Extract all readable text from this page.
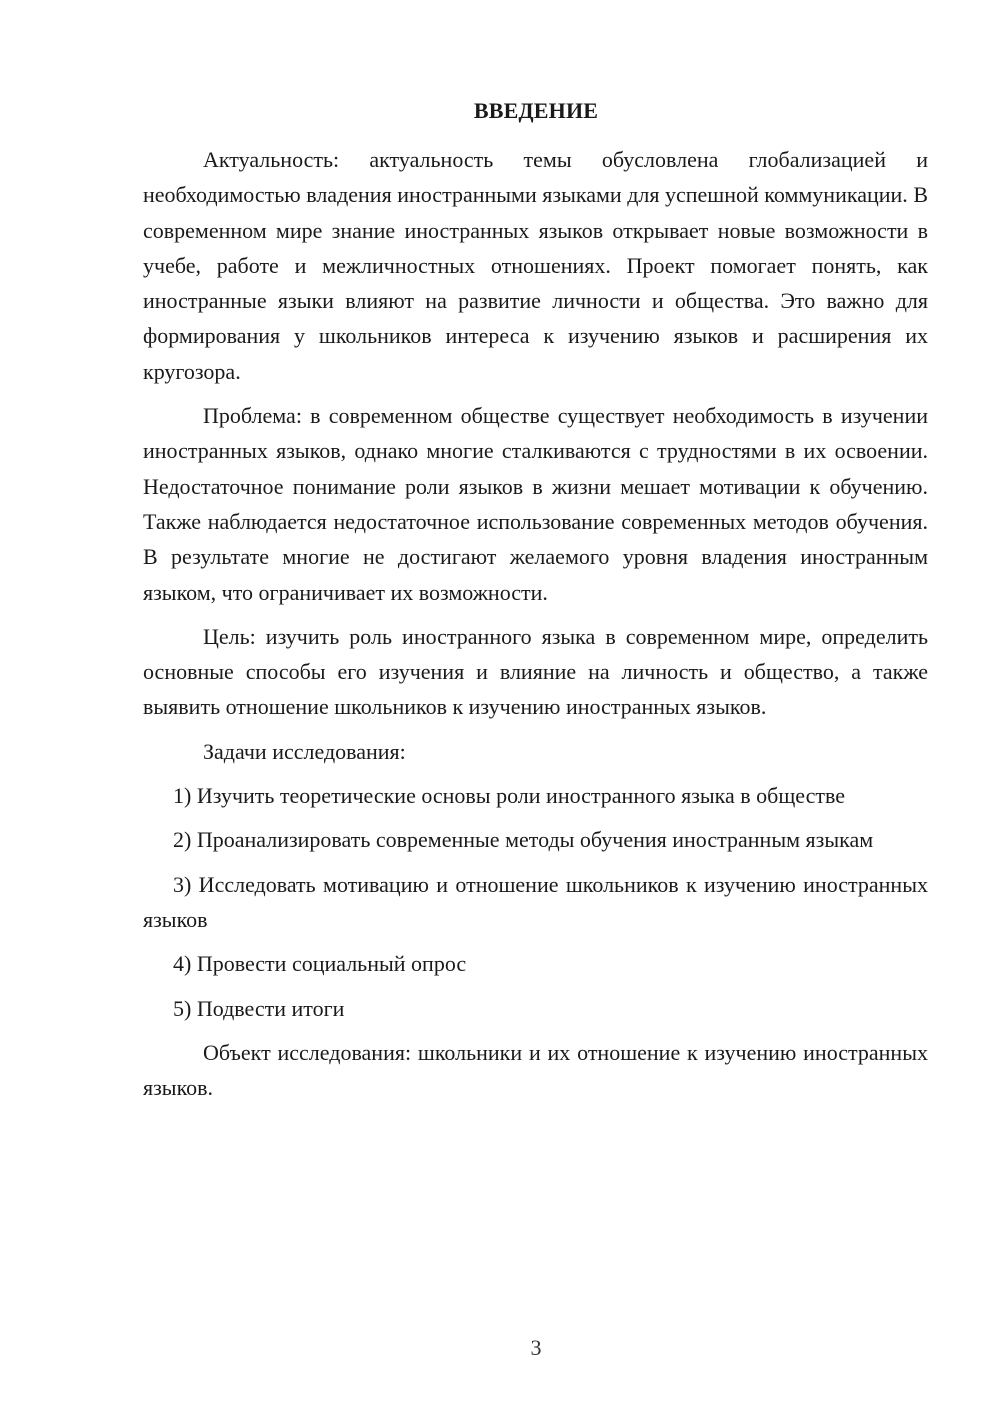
ВВЕДЕНИЕ

Актуальность: актуальность темы обусловлена глобализацией и необходимостью владения иностранными языками для успешной коммуникации. В современном мире знание иностранных языков открывает новые возможности в учебе, работе и межличностных отношениях. Проект помогает понять, как иностранные языки влияют на развитие личности и общества. Это важно для формирования у школьников интереса к изучению языков и расширения их кругозора.

Проблема: в современном обществе существует необходимость в изучении иностранных языков, однако многие сталкиваются с трудностями в их освоении. Недостаточное понимание роли языков в жизни мешает мотивации к обучению. Также наблюдается недостаточное использование современных методов обучения. В результате многие не достигают желаемого уровня владения иностранным языком, что ограничивает их возможности.

Цель: изучить роль иностранного языка в современном мире, определить основные способы его изучения и влияние на личность и общество, а также выявить отношение школьников к изучению иностранных языков.

Задачи исследования:

1) Изучить теоретические основы роли иностранного языка в обществе

2) Проанализировать современные методы обучения иностранным языкам

3) Исследовать мотивацию и отношение школьников к изучению иностранных языков

4) Провести социальный опрос

5) Подвести итоги

Объект исследования: школьники и их отношение к изучению иностранных языков.

3
